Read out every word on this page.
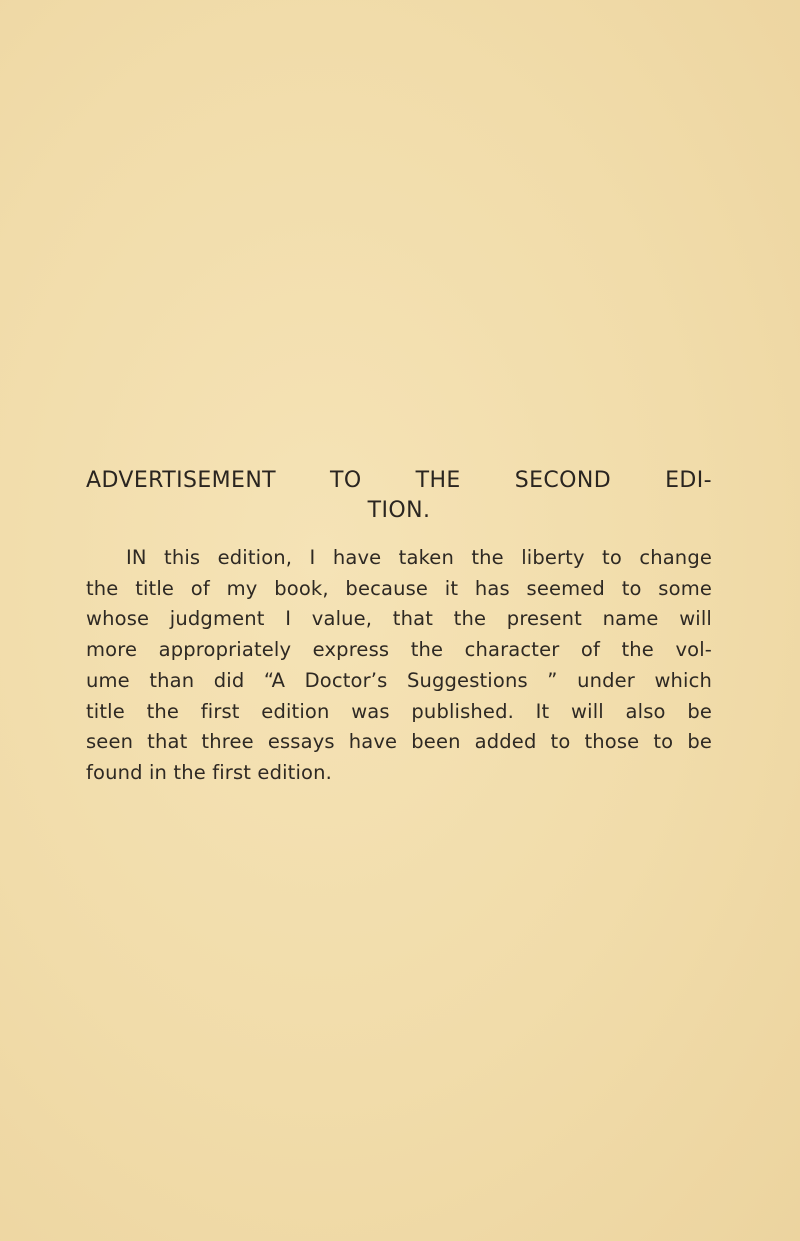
ADVERTISEMENT TO THE SECOND EDI-
TION.

IN this edition, I have taken the liberty to change
the title of my book, because it has seemed to some
whose judgment I value, that the present name will
more appropriately express the character of the vol-
ume than did “A Doctor’s Suggestions ” under which
title the first edition was published. It will also be
seen that three essays have been added to those to be
found in the first edition.
